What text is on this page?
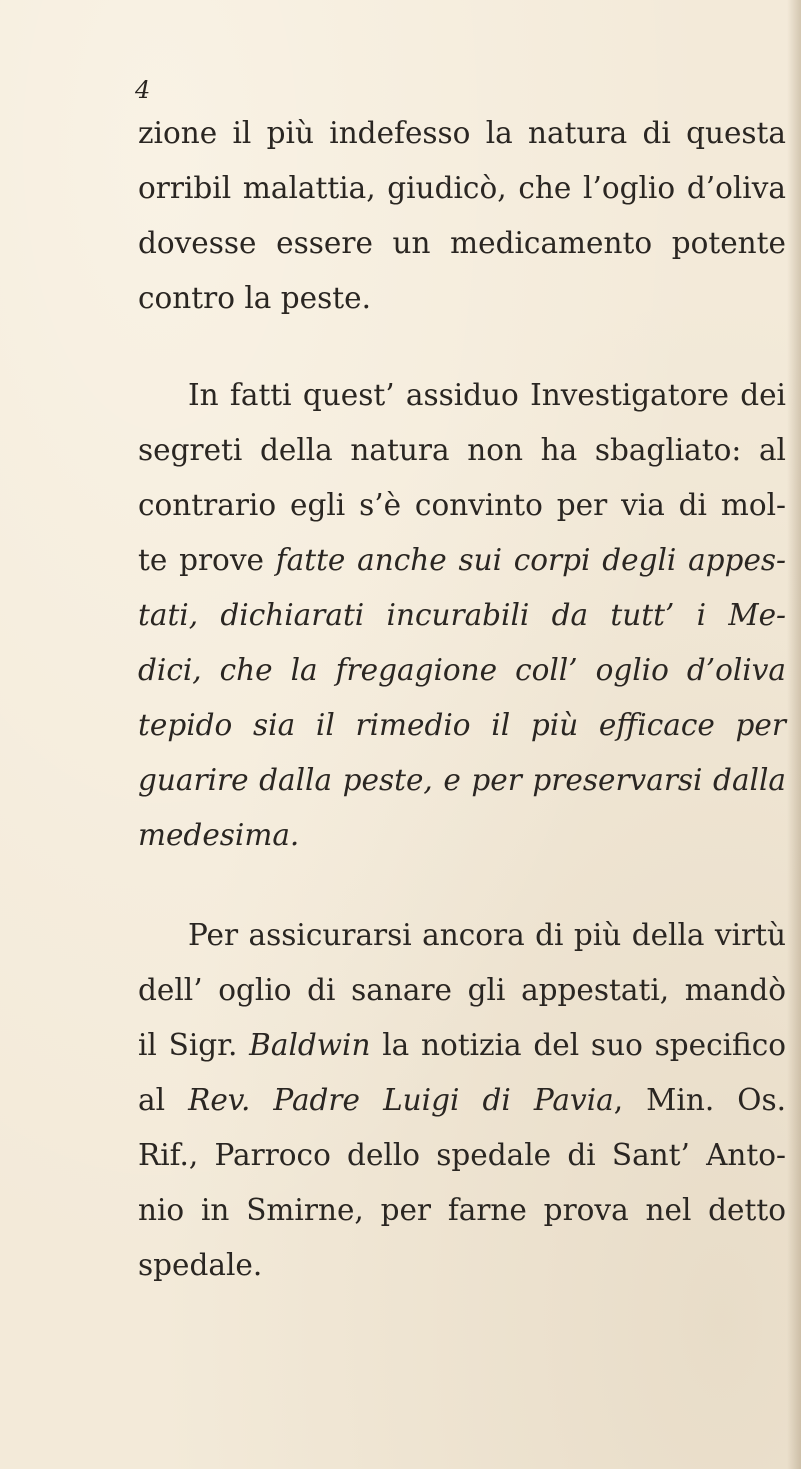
4
zione il più indefesso la natura di questa
orribil malattia, giudicò, che l’oglio d’oliva
dovesse essere un medicamento potente
contro la peste.
In fatti quest’ assiduo Investigatore dei
segreti della natura non ha sbagliato: al
contrario egli s’è convinto per via di mol-
te prove fatte anche sui corpi degli appes-
tati, dichiarati incurabili da tutt’ i Me-
dici, che la fregagione coll’ oglio d’oliva
tepido sia il rimedio il più efficace per
guarire dalla peste, e per preservarsi dalla
medesima.
Per assicurarsi ancora di più della virtù
dell’ oglio di sanare gli appestati, mandò
il Sigr. Baldwin la notizia del suo specifico
al Rev. Padre Luigi di Pavia, Min. Os.
Rif., Parroco dello spedale di Sant’ Anto-
nio in Smirne, per farne prova nel detto
spedale.
